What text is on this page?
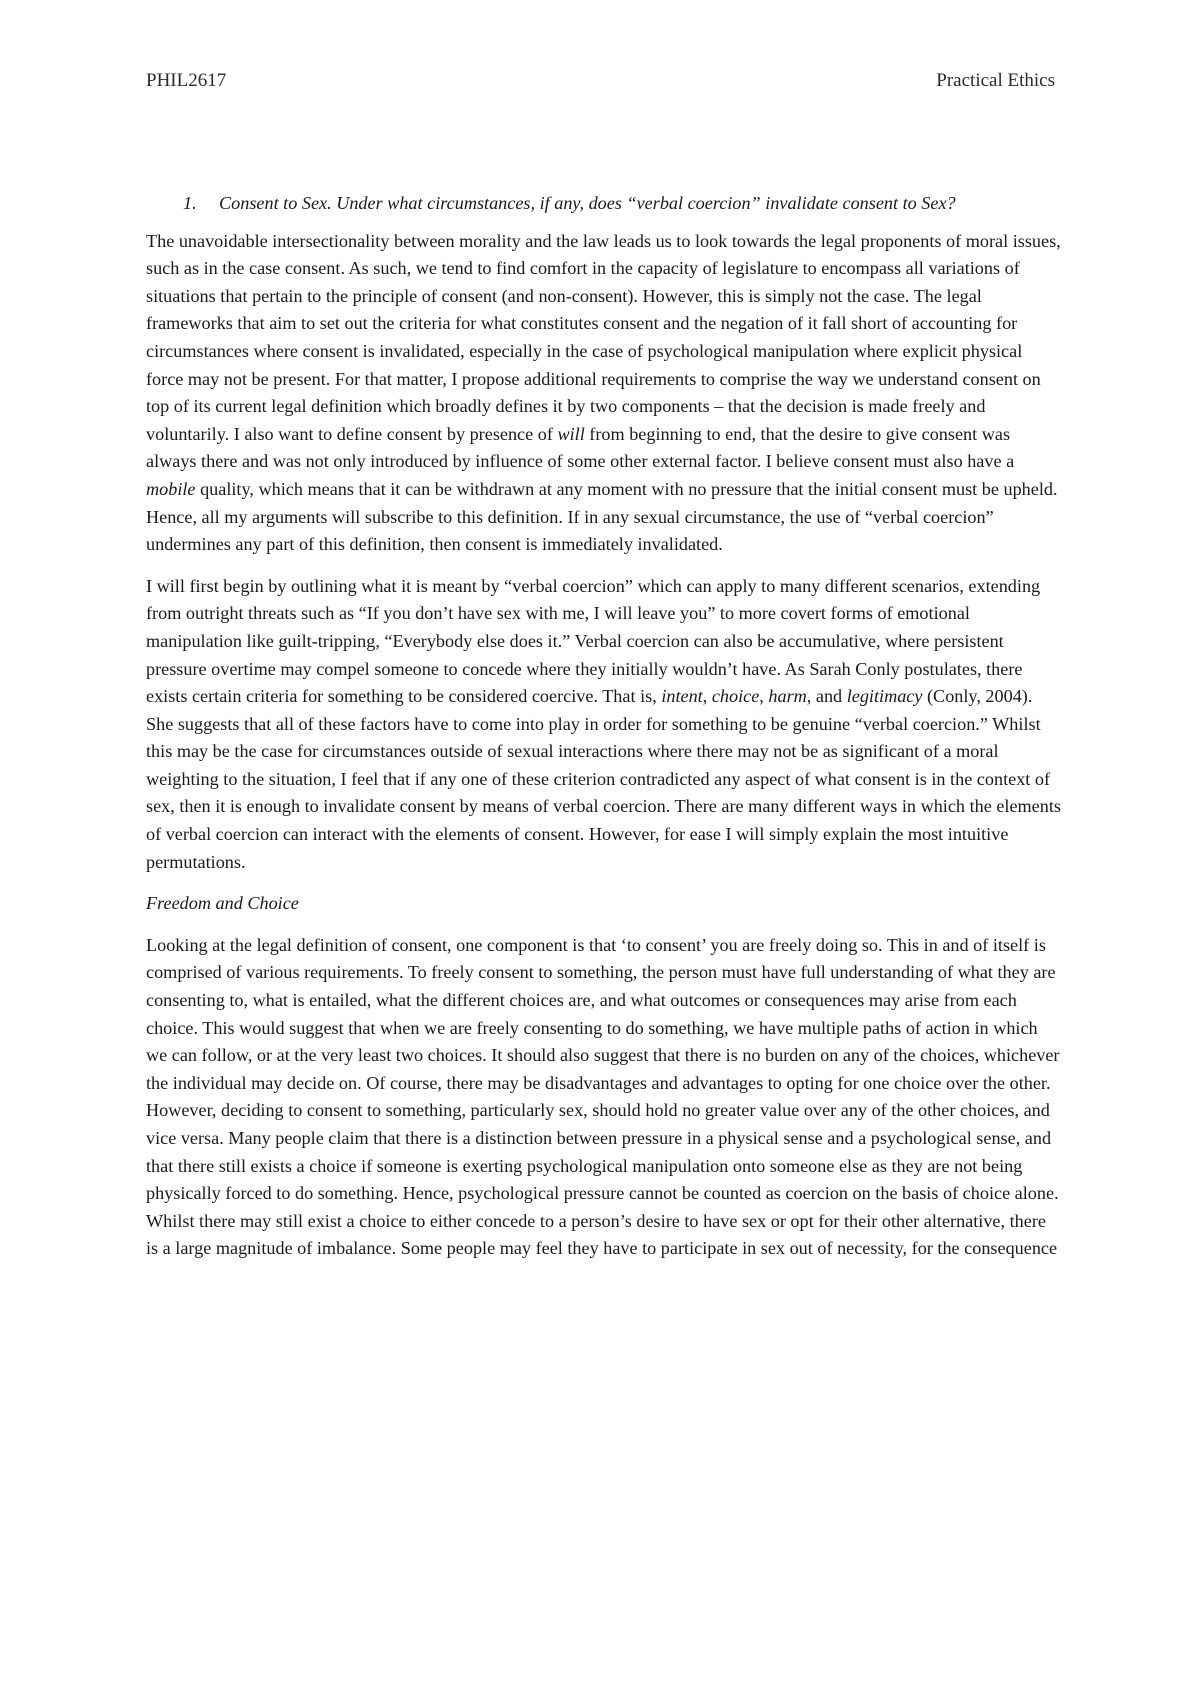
PHIL2617	Practical Ethics
1.	Consent to Sex. Under what circumstances, if any, does “verbal coercion” invalidate consent to Sex?

The unavoidable intersectionality between morality and the law leads us to look towards the legal proponents of moral issues, such as in the case consent. As such, we tend to find comfort in the capacity of legislature to encompass all variations of situations that pertain to the principle of consent (and non-consent). However, this is simply not the case. The legal frameworks that aim to set out the criteria for what constitutes consent and the negation of it fall short of accounting for circumstances where consent is invalidated, especially in the case of psychological manipulation where explicit physical force may not be present. For that matter, I propose additional requirements to comprise the way we understand consent on top of its current legal definition which broadly defines it by two components – that the decision is made freely and voluntarily. I also want to define consent by presence of will from beginning to end, that the desire to give consent was always there and was not only introduced by influence of some other external factor. I believe consent must also have a mobile quality, which means that it can be withdrawn at any moment with no pressure that the initial consent must be upheld. Hence, all my arguments will subscribe to this definition. If in any sexual circumstance, the use of “verbal coercion” undermines any part of this definition, then consent is immediately invalidated.

I will first begin by outlining what it is meant by “verbal coercion” which can apply to many different scenarios, extending from outright threats such as “If you don’t have sex with me, I will leave you” to more covert forms of emotional manipulation like guilt-tripping, “Everybody else does it.” Verbal coercion can also be accumulative, where persistent pressure overtime may compel someone to concede where they initially wouldn’t have. As Sarah Conly postulates, there exists certain criteria for something to be considered coercive. That is, intent, choice, harm, and legitimacy (Conly, 2004). She suggests that all of these factors have to come into play in order for something to be genuine “verbal coercion.” Whilst this may be the case for circumstances outside of sexual interactions where there may not be as significant of a moral weighting to the situation, I feel that if any one of these criterion contradicted any aspect of what consent is in the context of sex, then it is enough to invalidate consent by means of verbal coercion. There are many different ways in which the elements of verbal coercion can interact with the elements of consent. However, for ease I will simply explain the most intuitive permutations.

Freedom and Choice

Looking at the legal definition of consent, one component is that ‘to consent’ you are freely doing so. This in and of itself is comprised of various requirements. To freely consent to something, the person must have full understanding of what they are consenting to, what is entailed, what the different choices are, and what outcomes or consequences may arise from each choice. This would suggest that when we are freely consenting to do something, we have multiple paths of action in which we can follow, or at the very least two choices. It should also suggest that there is no burden on any of the choices, whichever the individual may decide on. Of course, there may be disadvantages and advantages to opting for one choice over the other. However, deciding to consent to something, particularly sex, should hold no greater value over any of the other choices, and vice versa. Many people claim that there is a distinction between pressure in a physical sense and a psychological sense, and that there still exists a choice if someone is exerting psychological manipulation onto someone else as they are not being physically forced to do something. Hence, psychological pressure cannot be counted as coercion on the basis of choice alone. Whilst there may still exist a choice to either concede to a person’s desire to have sex or opt for their other alternative, there is a large magnitude of imbalance. Some people may feel they have to participate in sex out of necessity, for the consequence
